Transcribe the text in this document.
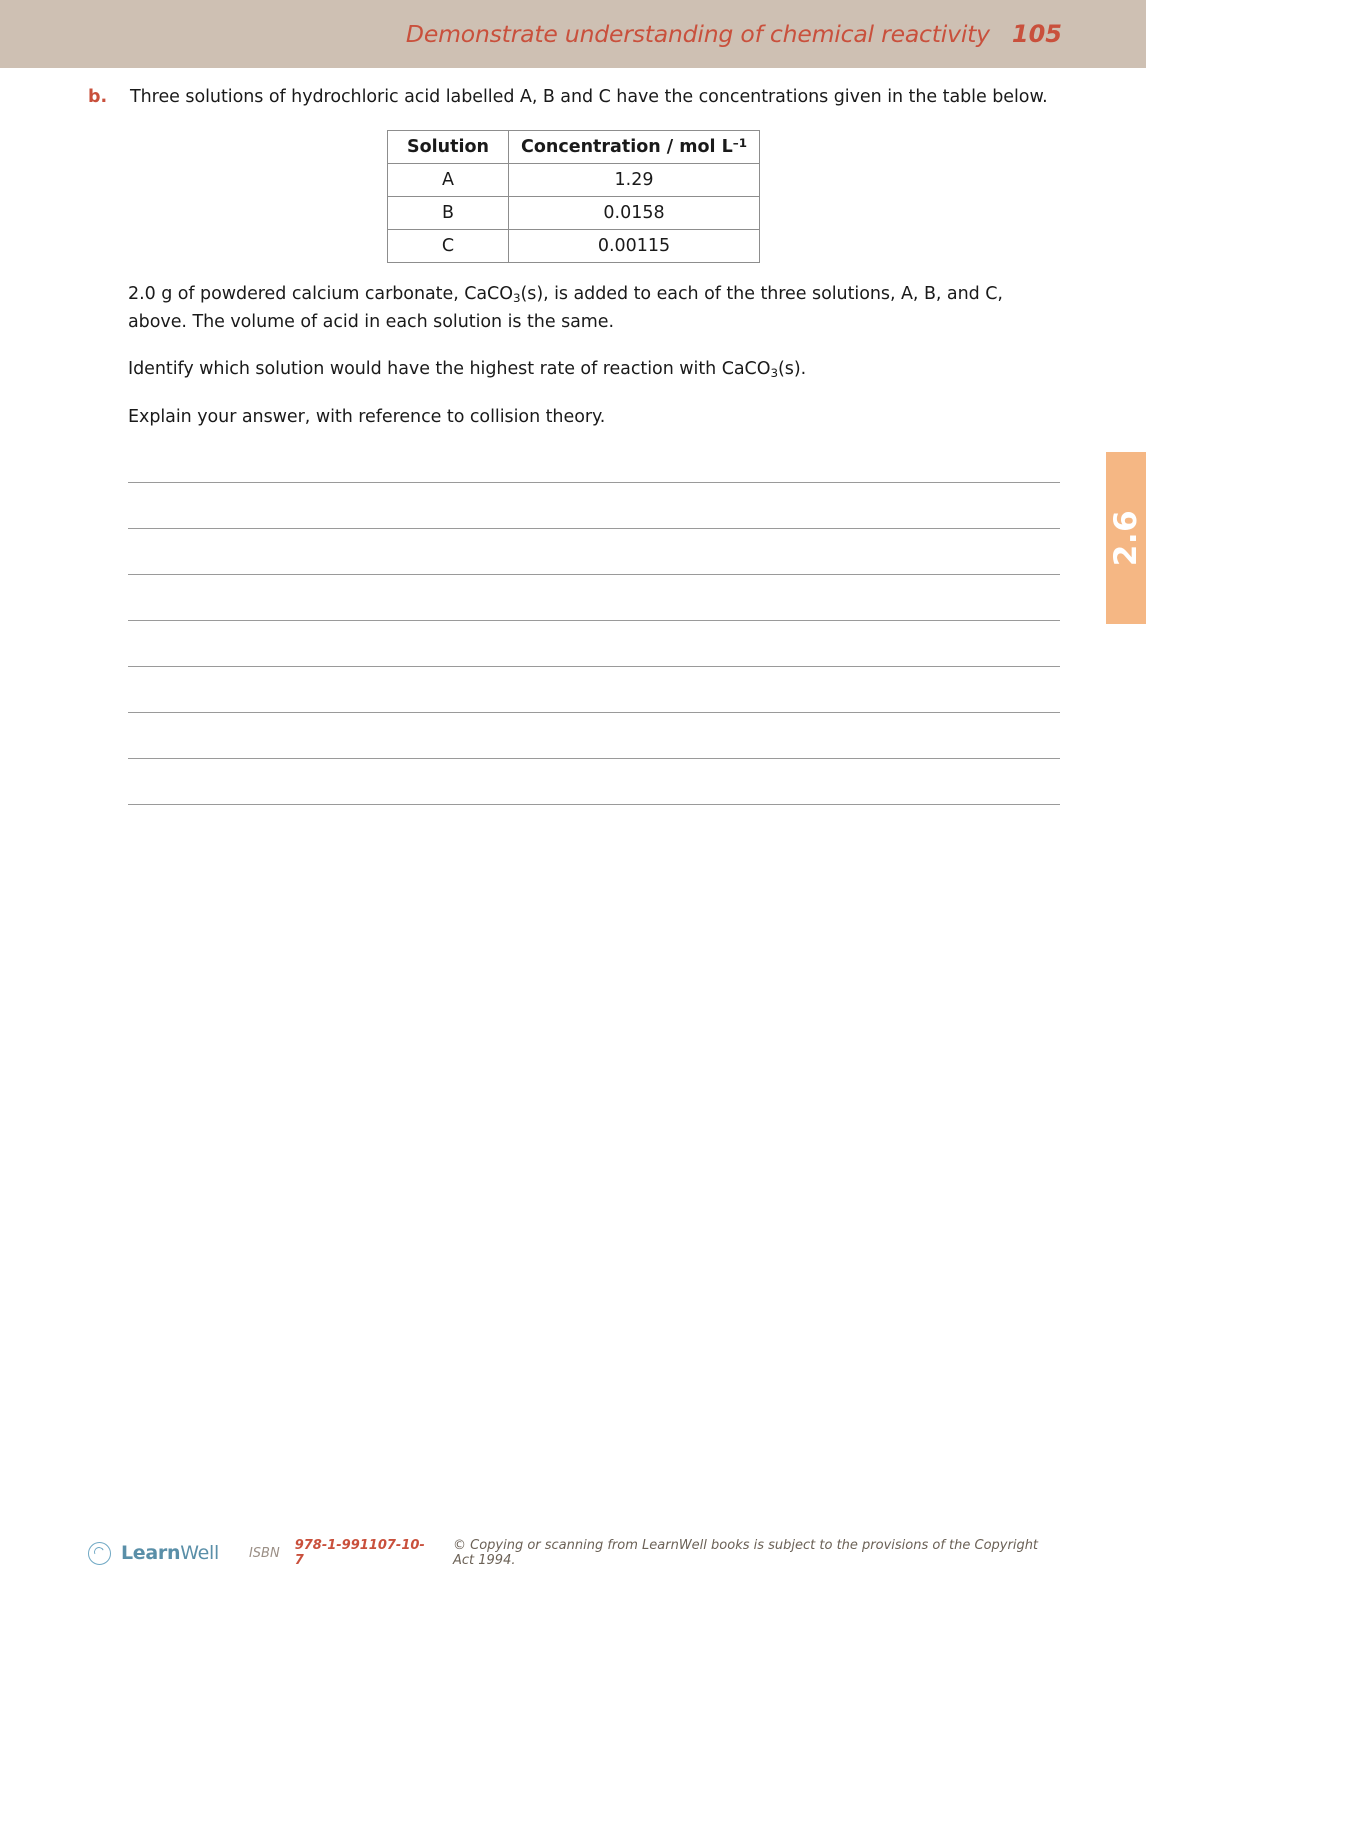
Demonstrate understanding of chemical reactivity 105
b.	Three solutions of hydrochloric acid labelled A, B and C have the concentrations given in the table below.
Solution	Concentration / mol $L^{-1}$
A	1.29
B	0.0158
C	0.00115

2.0 g of powdered calcium carbonate, CaCO$_3$(s), is added to each of the three solutions, A, B, and C, above. The volume of acid in each solution is the same.

Identify which solution would have the highest rate of reaction with CaCO$_3$(s).

Explain your answer, with reference to collision theory.

2.6
LearnWell ISBN 978-1-991107-10-7
© Copying or scanning from LearnWell books is subject to the provisions of the Copyright Act 1994.
